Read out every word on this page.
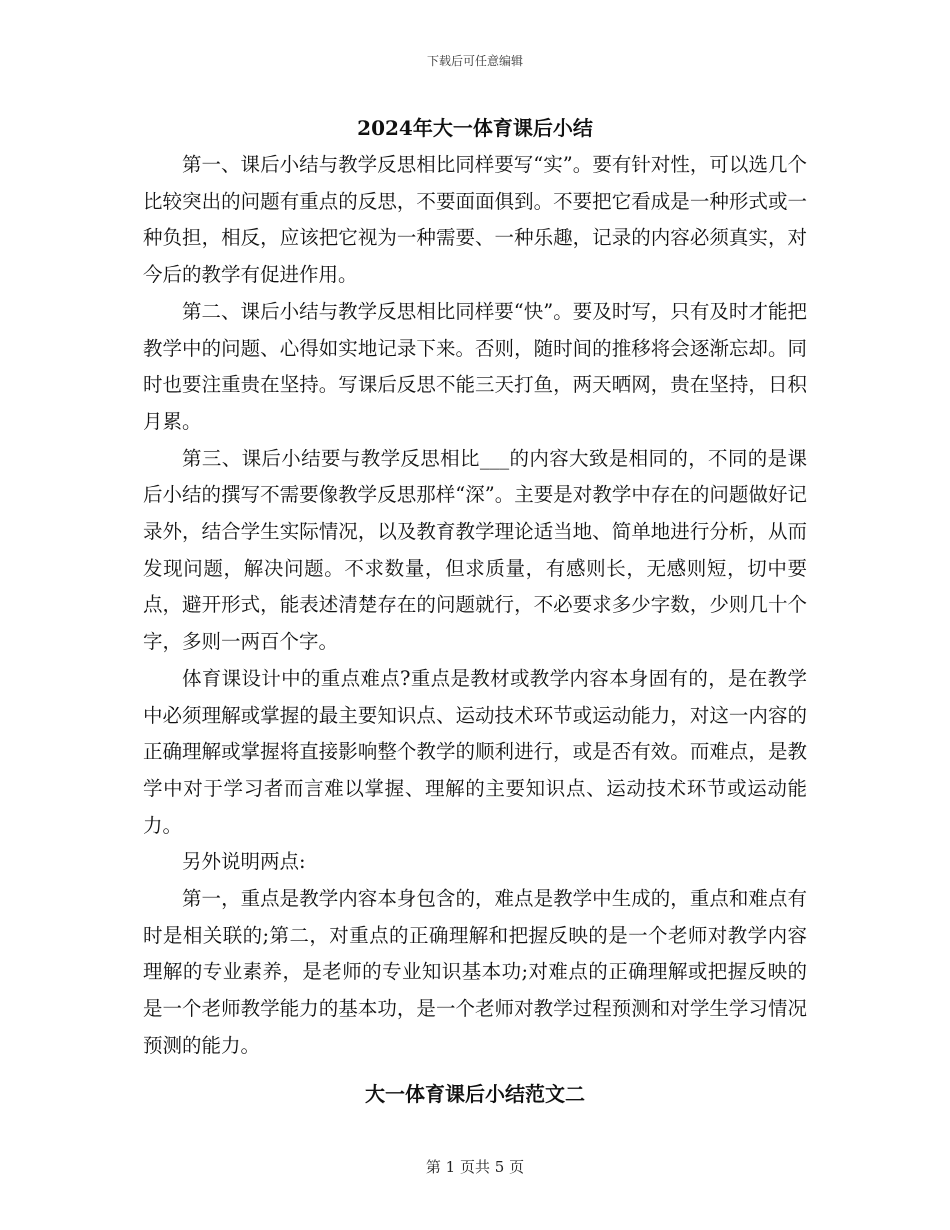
下载后可任意编辑
2024年大一体育课后小结

第一、课后小结与教学反思相比同样要写“实”。要有针对性，可以选几个比较突出的问题有重点的反思，不要面面俱到。不要把它看成是一种形式或一种负担，相反，应该把它视为一种需要、一种乐趣，记录的内容必须真实，对今后的教学有促进作用。

第二、课后小结与教学反思相比同样要“快”。要及时写，只有及时才能把教学中的问题、心得如实地记录下来。否则，随时间的推移将会逐渐忘却。同时也要注重贵在坚持。写课后反思不能三天打鱼，两天晒网，贵在坚持，日积月累。

第三、课后小结要与教学反思相比___的内容大致是相同的，不同的是课后小结的撰写不需要像教学反思那样“深”。主要是对教学中存在的问题做好记录外，结合学生实际情况，以及教育教学理论适当地、简单地进行分析，从而发现问题，解决问题。不求数量，但求质量，有感则长，无感则短，切中要点，避开形式，能表述清楚存在的问题就行，不必要求多少字数，少则几十个字，多则一两百个字。

体育课设计中的重点难点?重点是教材或教学内容本身固有的，是在教学中必须理解或掌握的最主要知识点、运动技术环节或运动能力，对这一内容的正确理解或掌握将直接影响整个教学的顺利进行，或是否有效。而难点，是教学中对于学习者而言难以掌握、理解的主要知识点、运动技术环节或运动能力。

另外说明两点:

第一，重点是教学内容本身包含的，难点是教学中生成的，重点和难点有时是相关联的;第二，对重点的正确理解和把握反映的是一个老师对教学内容理解的专业素养，是老师的专业知识基本功;对难点的正确理解或把握反映的是一个老师教学能力的基本功，是一个老师对教学过程预测和对学生学习情况预测的能力。

大一体育课后小结范文二
第 1 页共 5 页
